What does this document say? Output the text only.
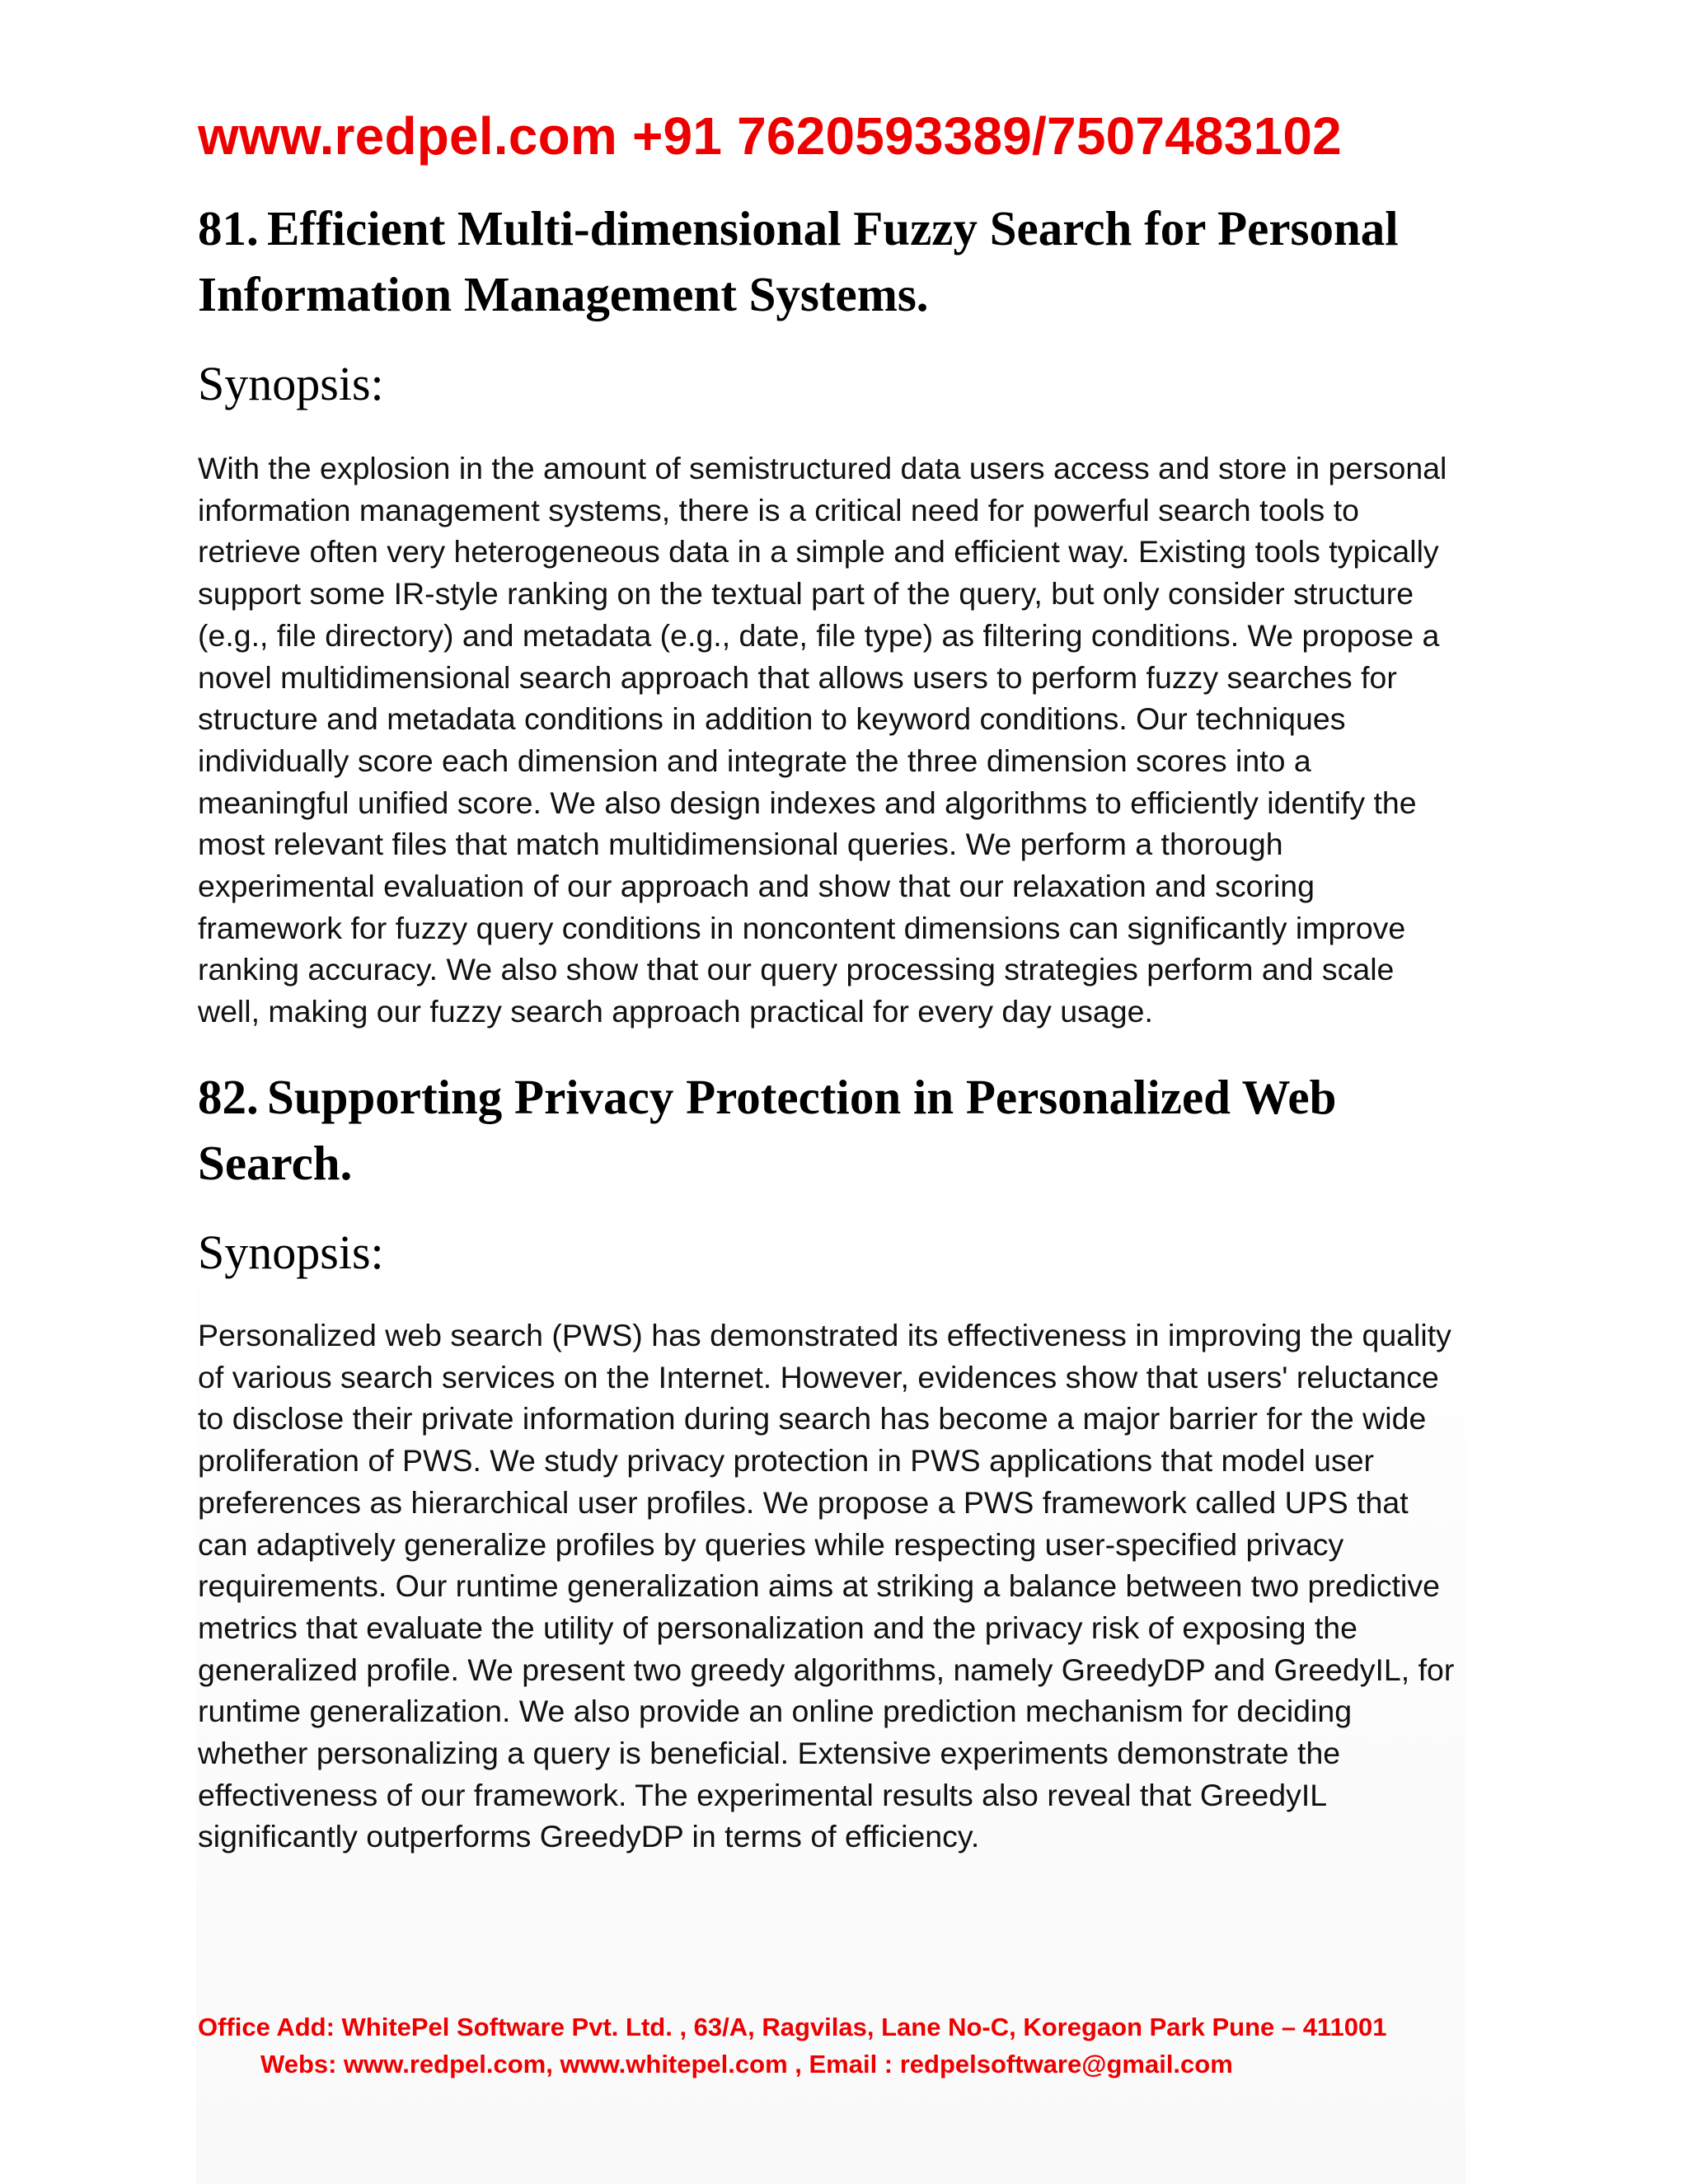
www.redpel.com +91 7620593389/7507483102
81. Efficient Multi-dimensional Fuzzy Search for Personal
Information Management Systems.
Synopsis:
With the explosion in the amount of semistructured data users access and store in personal
information management systems, there is a critical need for powerful search tools to
retrieve often very heterogeneous data in a simple and efficient way. Existing tools typically
support some IR-style ranking on the textual part of the query, but only consider structure
(e.g., file directory) and metadata (e.g., date, file type) as filtering conditions. We propose a
novel multidimensional search approach that allows users to perform fuzzy searches for
structure and metadata conditions in addition to keyword conditions. Our techniques
individually score each dimension and integrate the three dimension scores into a
meaningful unified score. We also design indexes and algorithms to efficiently identify the
most relevant files that match multidimensional queries. We perform a thorough
experimental evaluation of our approach and show that our relaxation and scoring
framework for fuzzy query conditions in noncontent dimensions can significantly improve
ranking accuracy. We also show that our query processing strategies perform and scale
well, making our fuzzy search approach practical for every day usage.
82. Supporting Privacy Protection in Personalized Web
Search.
Synopsis:
Personalized web search (PWS) has demonstrated its effectiveness in improving the quality
of various search services on the Internet. However, evidences show that users' reluctance
to disclose their private information during search has become a major barrier for the wide
proliferation of PWS. We study privacy protection in PWS applications that model user
preferences as hierarchical user profiles. We propose a PWS framework called UPS that
can adaptively generalize profiles by queries while respecting user-specified privacy
requirements. Our runtime generalization aims at striking a balance between two predictive
metrics that evaluate the utility of personalization and the privacy risk of exposing the
generalized profile. We present two greedy algorithms, namely GreedyDP and GreedyIL, for
runtime generalization. We also provide an online prediction mechanism for deciding
whether personalizing a query is beneficial. Extensive experiments demonstrate the
effectiveness of our framework. The experimental results also reveal that GreedyIL
significantly outperforms GreedyDP in terms of efficiency.
Office Add: WhitePel Software Pvt. Ltd. , 63/A, Ragvilas, Lane No-C, Koregaon Park Pune – 411001
Webs: www.redpel.com, www.whitepel.com , Email : redpelsoftware@gmail.com
